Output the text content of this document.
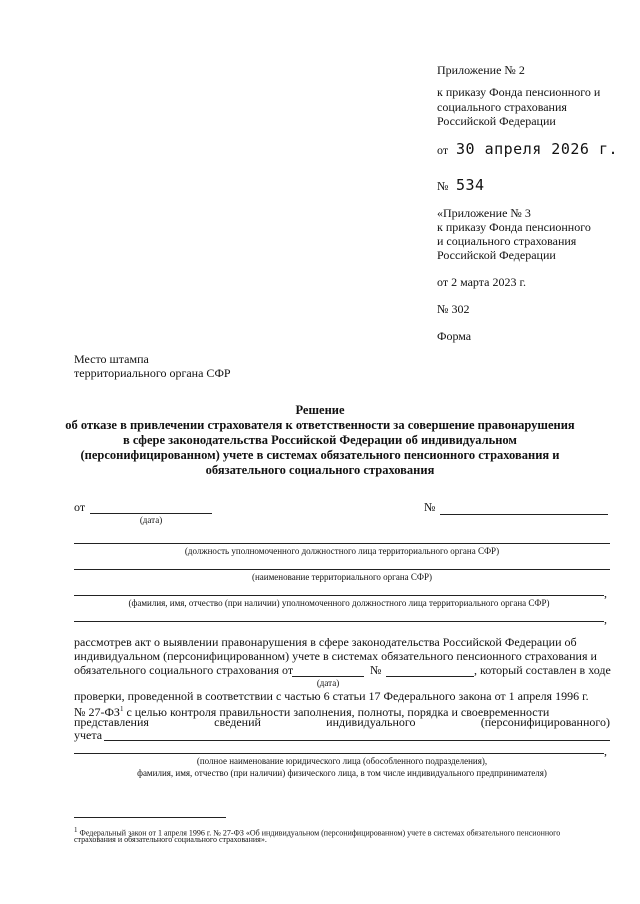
Приложение № 2
к приказу Фонда пенсионного и
социального страхования
Российской Федерации
от 30 апреля 2026 г.
№ 534
«Приложение № 3
к приказу Фонда пенсионного
и социального страхования
Российской Федерации
от 2 марта 2023 г.
№ 302
Форма
Место штампа
территориального органа СФР
Решение
об отказе в привлечении страхователя к ответственности за совершение правонарушения
в сфере законодательства Российской Федерации об индивидуальном
(персонифицированном) учете в системах обязательного пенсионного страхования и
обязательного социального страхования
от
(дата)
№
(должность уполномоченного должностного лица территориального органа СФР)
(наименование территориального органа СФР)
,
(фамилия, имя, отчество (при наличии) уполномоченного должностного лица территориального органа СФР)
,
рассмотрев акт о выявлении правонарушения в сфере законодательства Российской Федерации об
индивидуальном (персонифицированном) учете в системах обязательного пенсионного страхования и
обязательного социального страхования от
(дата)
№	, который составлен в ходе
проверки, проведенной в соответствии с частью 6 статьи 17 Федерального закона от 1 апреля 1996 г.
№ $27-ФЗ^1$ с целью контроля правильности заполнения, полноты, порядка и своевременности
представления	сведений	индивидуального	(персонифицированного)
учета
,
(полное наименование юридического лица (обособленного подразделения),
фамилия, имя, отчество (при наличии) физического лица, в том числе индивидуального предпринимателя)
$^1$ Федеральный закон от 1 апреля 1996 г. № 27-ФЗ «Об индивидуальном (персонифицированном) учете в системах обязательного пенсионного
страхования и обязательного социального страхования».
